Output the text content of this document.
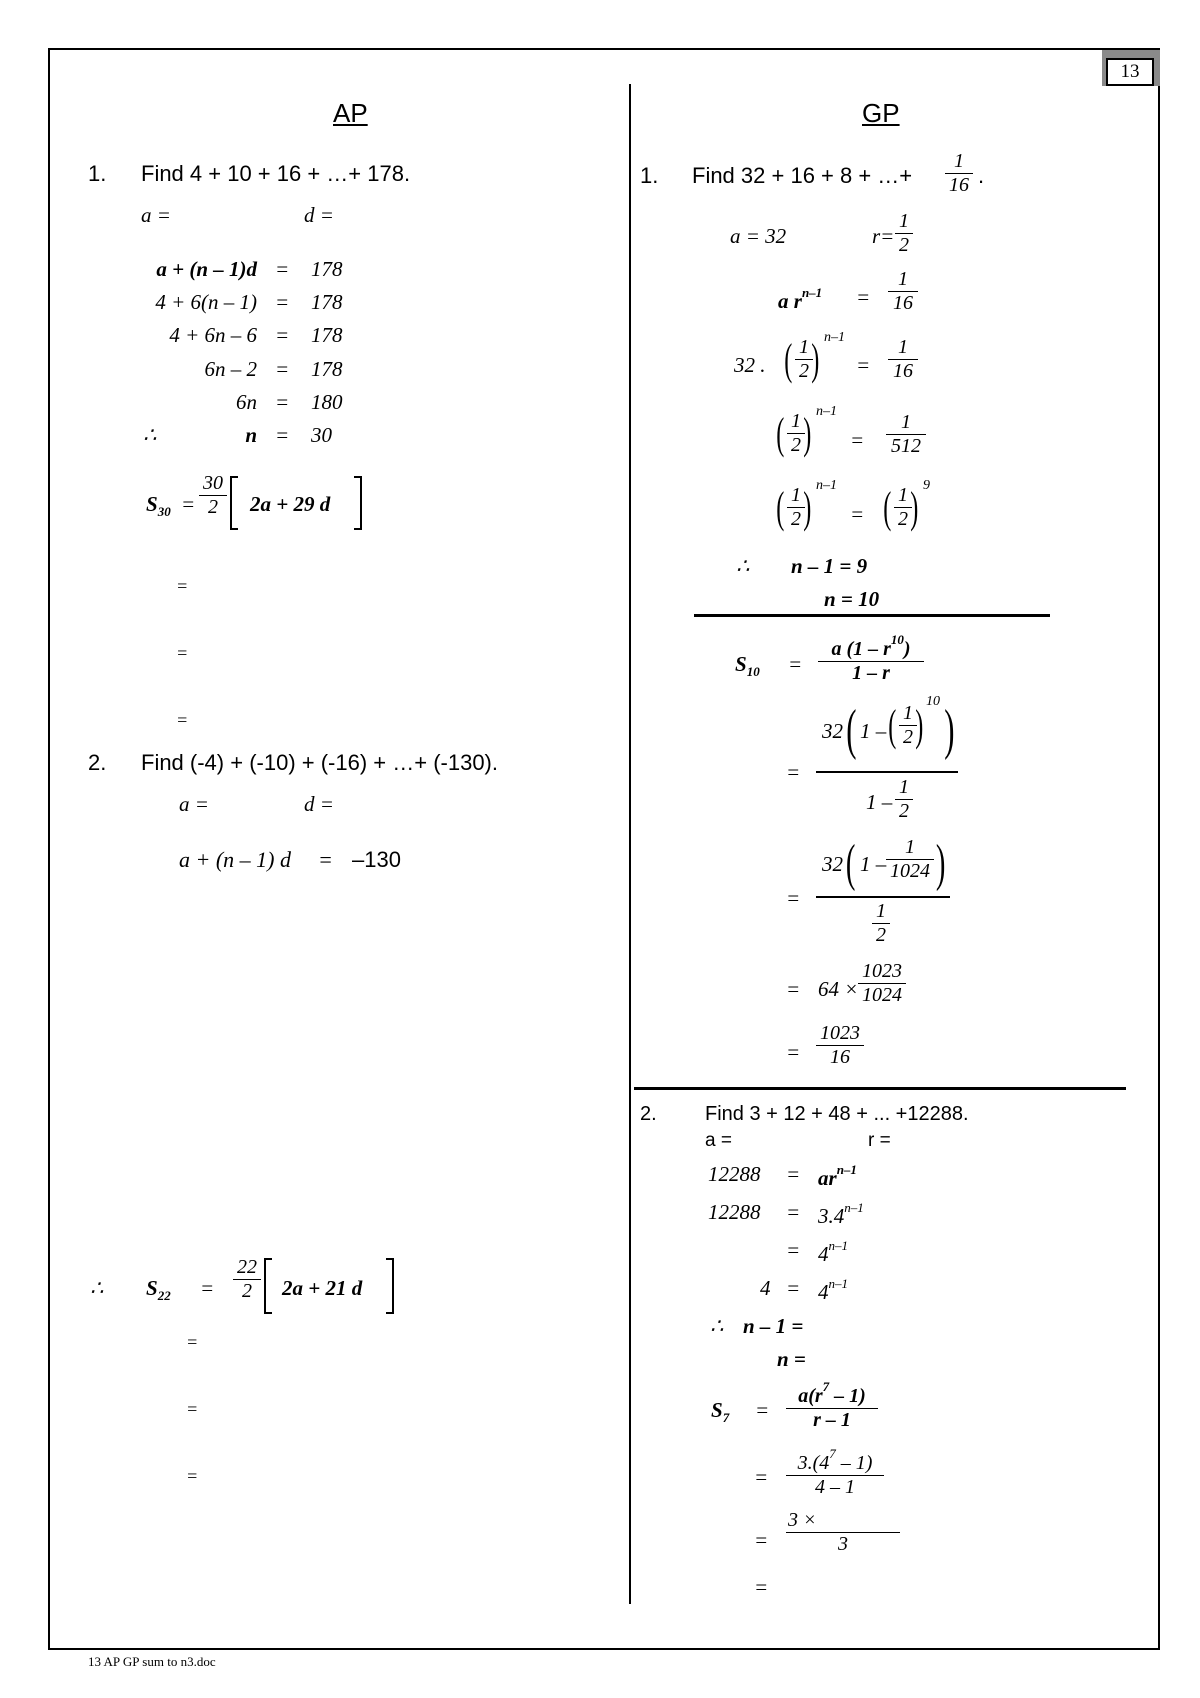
13
AP
1. Find 4 + 10 + 16 + …+ 178.
a =	d =
a + (n – 1)d = 178
4 + 6(n – 1) = 178
4 + 6n – 6 = 178
6n – 2 = 178
6n = 180
∴	n = 30
$S_{30}$ =
30
2	2a + 29 d
=
=
=
2. Find (-4) + (-10) + (-16) + …+ (-130).
a =	d =
a + (n – 1) d = –130
∴ $S_{22}$ =
22
2	2a + 21 d
=
=
=
GP
1. Find 32 + 16 + 8 + …+
1
16 .
a = 32	r=
1
2
a $r^{n-1}$ =
1
16
32 . ( 1
2 ) n–1
=
1
16
( 1
2 ) n–1
=
1
512
( 1
2 ) n–1
= ( 1
2 ) 9
∴ n – 1 = 9
n = 10
$S_{10}$ =
a $(1 - r^{10})$
1 – r
=
32 ( 1 – ( 1
2 ) 10 )
1 –
1
2
=
32 ( 1 –
1
1024 )
1
2
= 64 ×
1023
1024
=
1023
16
2. Find 3 + 12 + 48 + ... +12288.
a =	r =
$12288 = ar^{n-1}$
$12288 = 3.4^{n-1}$
= $4^{n-1}$
$4 = 4^{n-1}$
∴ n – 1 =
n =
$S_7$ =
$a(r^7 - 1)$
r – 1
=
$3.(4^7 - 1)$
4 – 1
=
3 ×
3
=
13 AP GP sum to n3.doc
